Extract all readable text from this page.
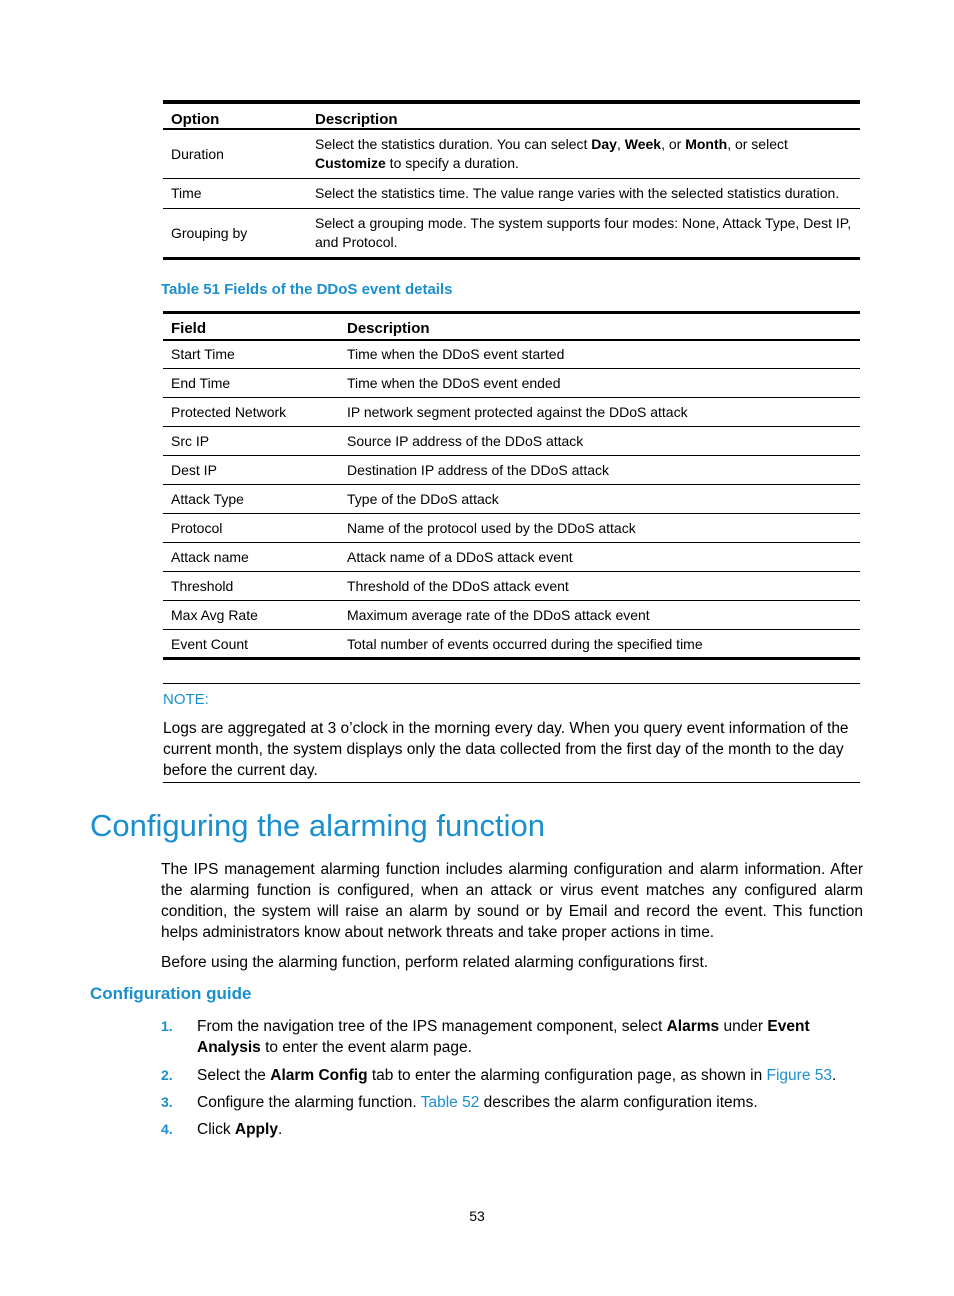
Option	Description
Duration	Select the statistics duration. You can select Day, Week, or Month, or select Customize to specify a duration.
Time	Select the statistics time. The value range varies with the selected statistics duration.
Grouping by	Select a grouping mode. The system supports four modes: None, Attack Type, Dest IP, and Protocol.
Table 51 Fields of the DDoS event details
Field	Description
Start Time	Time when the DDoS event started
End Time	Time when the DDoS event ended
Protected Network	IP network segment protected against the DDoS attack
Src IP	Source IP address of the DDoS attack
Dest IP	Destination IP address of the DDoS attack
Attack Type	Type of the DDoS attack
Protocol	Name of the protocol used by the DDoS attack
Attack name	Attack name of a DDoS attack event
Threshold	Threshold of the DDoS attack event
Max Avg Rate	Maximum average rate of the DDoS attack event
Event Count	Total number of events occurred during the specified time
NOTE:
Logs are aggregated at 3 o’clock in the morning every day. When you query event information of the current month, the system displays only the data collected from the first day of the month to the day before the current day.
Configuring the alarming function

The IPS management alarming function includes alarming configuration and alarm information. After the alarming function is configured, when an attack or virus event matches any configured alarm condition, the system will raise an alarm by sound or by Email and record the event. This function helps administrators know about network threats and take proper actions in time.

Before using the alarming function, perform related alarming configurations first.

Configuration guide
1. From the navigation tree of the IPS management component, select Alarms under Event Analysis to enter the event alarm page.
2. Select the Alarm Config tab to enter the alarming configuration page, as shown in Figure 53.
3. Configure the alarming function. Table 52 describes the alarm configuration items.
4. Click Apply.
53
